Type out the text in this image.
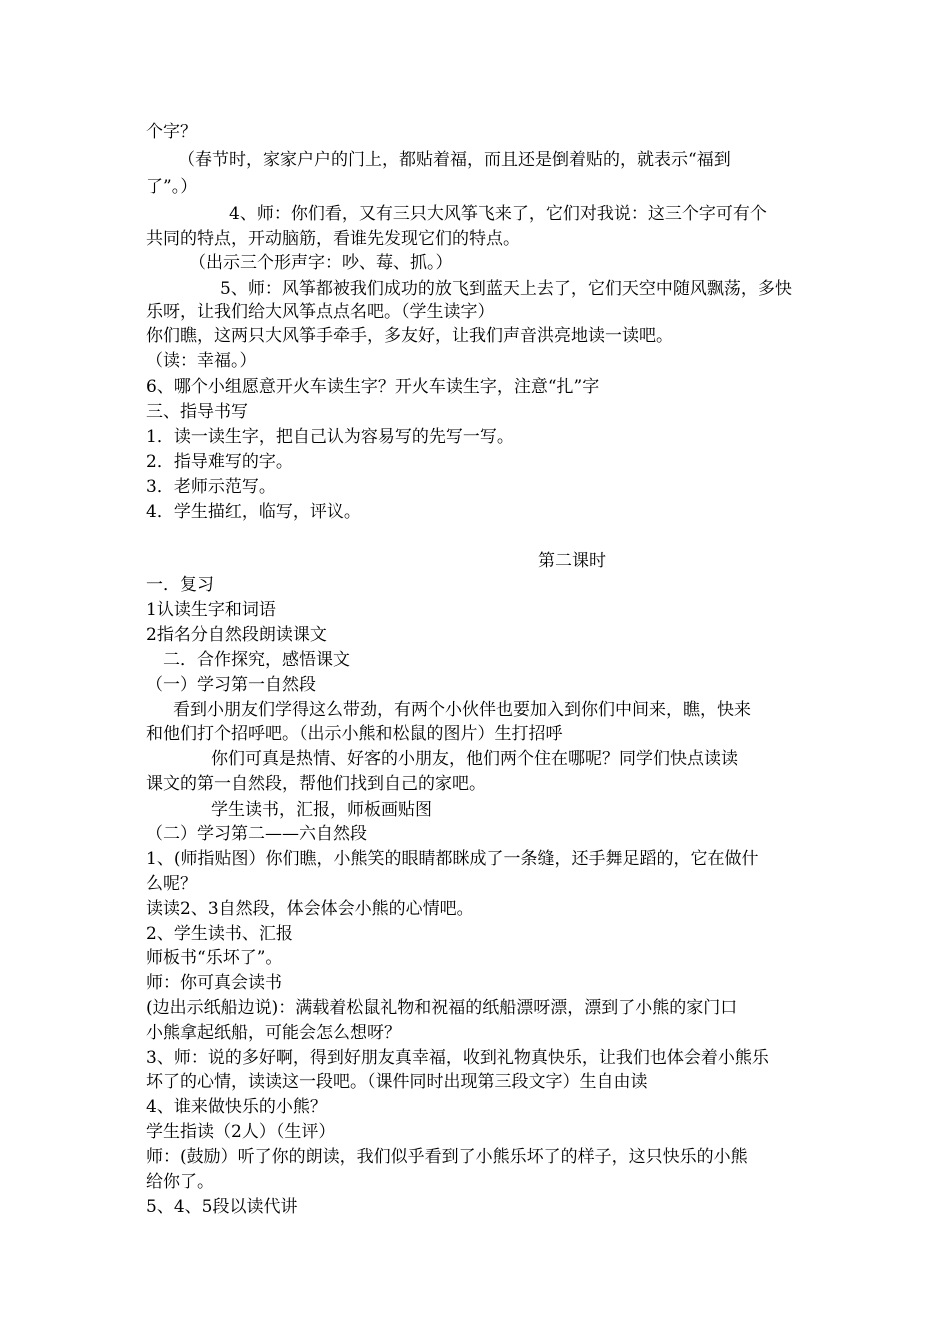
个字？
（春节时，家家户户的门上，都贴着福，而且还是倒着贴的，就表示“福到
了”。）
4、师：你们看，又有三只大风筝飞来了，它们对我说：这三个字可有个
共同的特点，开动脑筋，看谁先发现它们的特点。
（出示三个形声字：吵、莓、抓。）
5、师：风筝都被我们成功的放飞到蓝天上去了，它们天空中随风飘荡，多快
乐呀，让我们给大风筝点点名吧。（学生读字）
你们瞧，这两只大风筝手牵手，多友好，让我们声音洪亮地读一读吧。
（读：幸福。）
6、哪个小组愿意开火车读生字？开火车读生字，注意“扎”字
三、指导书写
1．读一读生字，把自己认为容易写的先写一写。
2．指导难写的字。
3．老师示范写。
4．学生描红，临写，评议。
第二课时
一．复习
1认读生字和词语
2指名分自然段朗读课文
二．合作探究，感悟课文
（一）学习第一自然段
看到小朋友们学得这么带劲，有两个小伙伴也要加入到你们中间来，瞧，快来
和他们打个招呼吧。（出示小熊和松鼠的图片）生打招呼
你们可真是热情、好客的小朋友，他们两个住在哪呢？同学们快点读读
课文的第一自然段，帮他们找到自己的家吧。
学生读书，汇报，师板画贴图
（二）学习第二——六自然段
1、(师指贴图）你们瞧，小熊笑的眼睛都眯成了一条缝，还手舞足蹈的，它在做什
么呢？
读读2、3自然段，体会体会小熊的心情吧。
2、学生读书、汇报
师板书“乐坏了”。
师：你可真会读书
(边出示纸船边说)：满载着松鼠礼物和祝福的纸船漂呀漂，漂到了小熊的家门口
小熊拿起纸船，可能会怎么想呀？
3、师：说的多好啊，得到好朋友真幸福，收到礼物真快乐，让我们也体会着小熊乐
坏了的心情，读读这一段吧。（课件同时出现第三段文字）生自由读
4、谁来做快乐的小熊？
学生指读（2人）（生评）
师：(鼓励）听了你的朗读，我们似乎看到了小熊乐坏了的样子，这只快乐的小熊
给你了。
5、4、5段以读代讲
